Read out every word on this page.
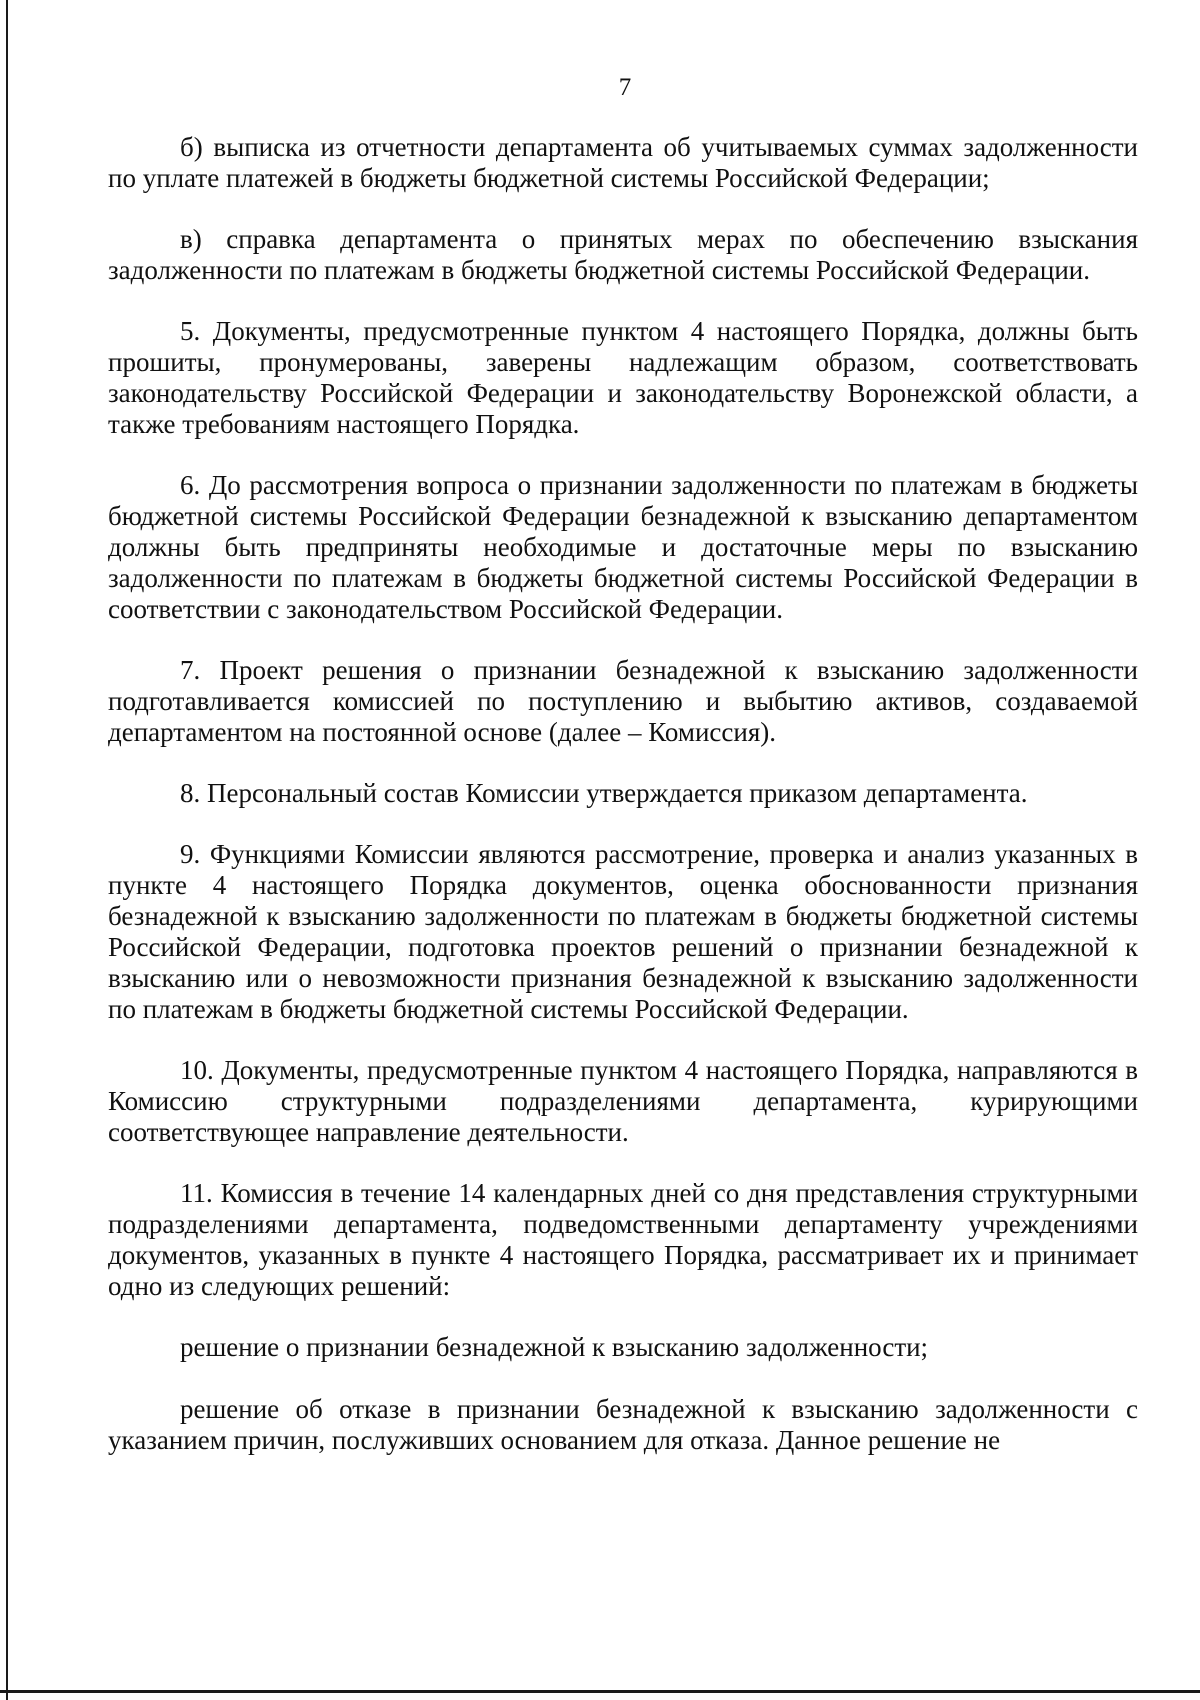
7

б) выписка из отчетности департамента об учитываемых суммах задолженности по уплате платежей в бюджеты бюджетной системы Российской Федерации;

в) справка департамента о принятых мерах по обеспечению взыскания задолженности по платежам в бюджеты бюджетной системы Российской Федерации.

5. Документы, предусмотренные пунктом 4 настоящего Порядка, должны быть прошиты, пронумерованы, заверены надлежащим образом, соответствовать законодательству Российской Федерации и законодательству Воронежской области, а также требованиям настоящего Порядка.

6. До рассмотрения вопроса о признании задолженности по платежам в бюджеты бюджетной системы Российской Федерации безнадежной к взысканию департаментом должны быть предприняты необходимые и достаточные меры по взысканию задолженности по платежам в бюджеты бюджетной системы Российской Федерации в соответствии с законодательством Российской Федерации.

7. Проект решения о признании безнадежной к взысканию задолженности подготавливается комиссией по поступлению и выбытию активов, создаваемой департаментом на постоянной основе (далее – Комиссия).

8. Персональный состав Комиссии утверждается приказом департамента.

9. Функциями Комиссии являются рассмотрение, проверка и анализ указанных в пункте 4 настоящего Порядка документов, оценка обоснованности признания безнадежной к взысканию задолженности по платежам в бюджеты бюджетной системы Российской Федерации, подготовка проектов решений о признании безнадежной к взысканию или о невозможности признания безнадежной к взысканию задолженности по платежам в бюджеты бюджетной системы Российской Федерации.

10. Документы, предусмотренные пунктом 4 настоящего Порядка, направляются в Комиссию структурными подразделениями департамента, курирующими соответствующее направление деятельности.

11. Комиссия в течение 14 календарных дней со дня представления структурными подразделениями департамента, подведомственными департаменту учреждениями документов, указанных в пункте 4 настоящего Порядка, рассматривает их и принимает одно из следующих решений:

решение о признании безнадежной к взысканию задолженности;

решение об отказе в признании безнадежной к взысканию задолженности с указанием причин, послуживших основанием для отказа. Данное решение не
